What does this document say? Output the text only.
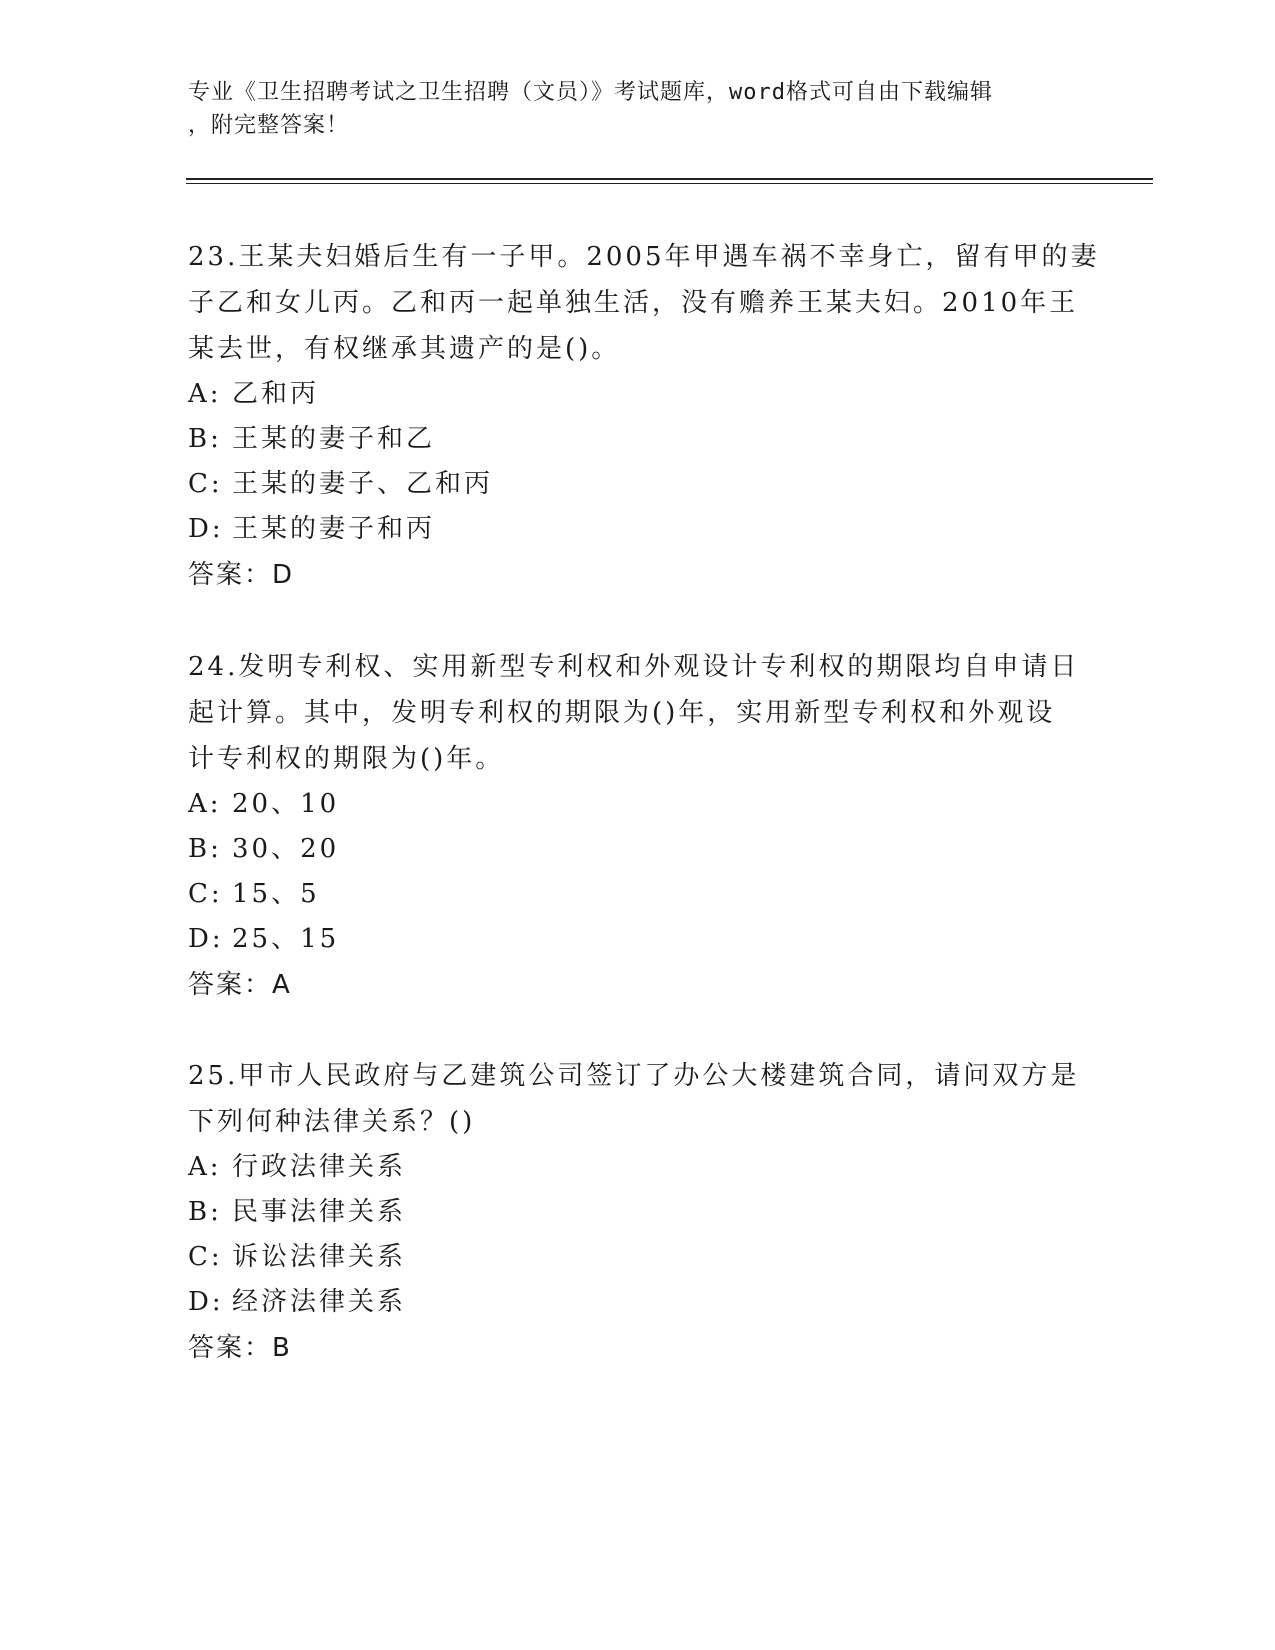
专业《卫生招聘考试之卫生招聘（文员）》考试题库，word格式可自由下载编辑
，附完整答案！
23.王某夫妇婚后生有一子甲。2005年甲遇车祸不幸身亡，留有甲的妻
子乙和女儿丙。乙和丙一起单独生活，没有赡养王某夫妇。2010年王
某去世，有权继承其遗产的是()。
A: 乙和丙
B: 王某的妻子和乙
C: 王某的妻子、乙和丙
D: 王某的妻子和丙
答案：D
24.发明专利权、实用新型专利权和外观设计专利权的期限均自申请日
起计算。其中，发明专利权的期限为()年，实用新型专利权和外观设
计专利权的期限为()年。
A: 20、10
B: 30、20
C: 15、5
D: 25、15
答案：A
25.甲市人民政府与乙建筑公司签订了办公大楼建筑合同，请问双方是
下列何种法律关系？()
A: 行政法律关系
B: 民事法律关系
C: 诉讼法律关系
D: 经济法律关系
答案：B
